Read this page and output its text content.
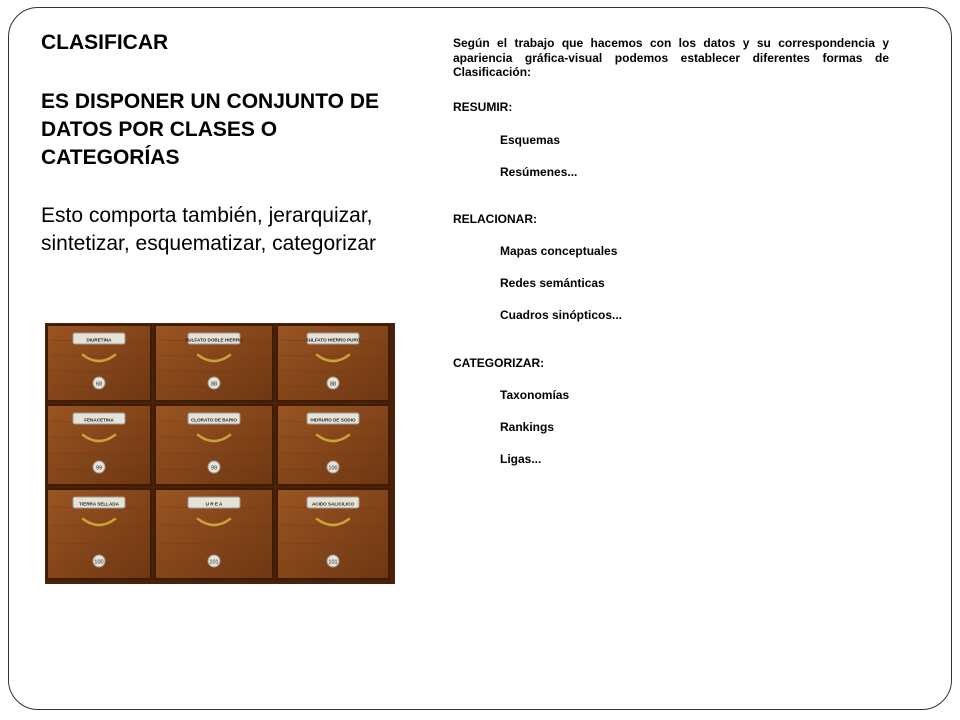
CLASIFICAR
ES DISPONER UN CONJUNTO DE DATOS POR CLASES O CATEGORÍAS
Esto comporta también, jerarquizar, sintetizar, esquematizar, categorizar
DIURETINA
68
SULFATO DOBLE HIERRO
88
SULFATO HIERRO PURO
88
FENACETINA
99
CLORATO DE BARIO
99
HIDRURO DE SODIO
100
TIERRA SELLADA
100
U R E A
101
ACIDO SALICILICO
101

Según el trabajo que hacemos con los datos y su correspondencia y apariencia gráfica-visual podemos establecer diferentes formas de Clasificación:

RESUMIR:
Esquemas
Resúmenes...
RELACIONAR:
Mapas conceptuales
Redes semánticas
Cuadros sinópticos...
CATEGORIZAR:
Taxonomías
Rankings
Ligas...
